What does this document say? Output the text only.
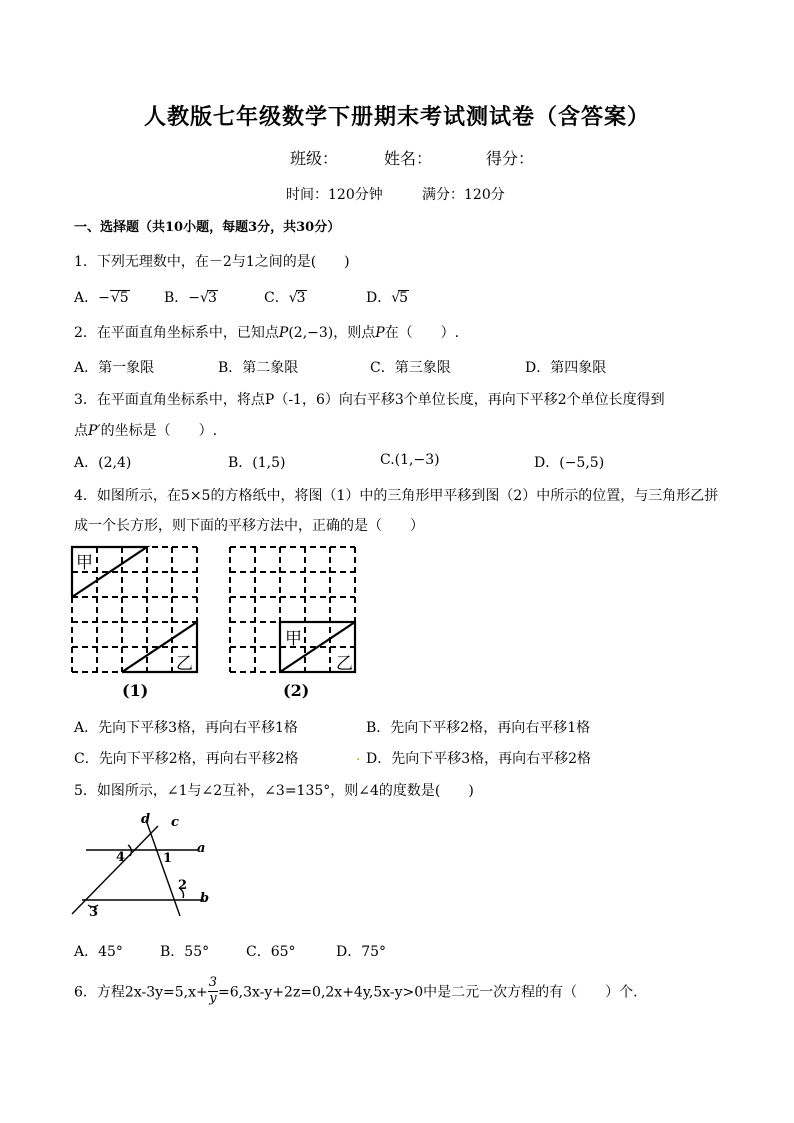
人教版七年级数学下册期末考试测试卷（含答案）
班级：	姓名：	得分：
时间：120分钟	满分：120分
一、选择题（共10小题，每题3分，共30分）
1．下列无理数中，在－2与1之间的是(　　)
A．−√5	B．−√3	C．√3	D．√5
2．在平面直角坐标系中，已知点P(2,−3)，则点P在（　　）.
A．第一象限	B．第二象限	C．第三象限	D．第四象限
3．在平面直角坐标系中，将点P（-1，6）向右平移3个单位长度，再向下平移2个单位长度得到
点P′的坐标是（　　）.
A．(2,4)	B．(1,5)	C.(1,−3)	D．(−5,5)
4．如图所示，在5×5的方格纸中，将图（1）中的三角形甲平移到图（2）中所示的位置，与三角形乙拼
成一个长方形，则下面的平移方法中，正确的是（　　）
甲
乙
(1)
甲
乙
(2)
A．先向下平移3格，再向右平移1格	B．先向下平移2格，再向右平移1格
C．先向下平移2格，再向右平移2格	. D．先向下平移3格，再向右平移2格
5．如图所示，∠1与∠2互补，∠3=135°，则∠4的度数是(　　)
d c
a
b
4	1
2
3
A．45°	B．55°	C．65°	D．75°
6．方程$2x-3y=5,x+ \frac{3}{y} =6,3x-y+2z=0,2x+4y,5x-y>0$中是二元一次方程的有（　　）个.
